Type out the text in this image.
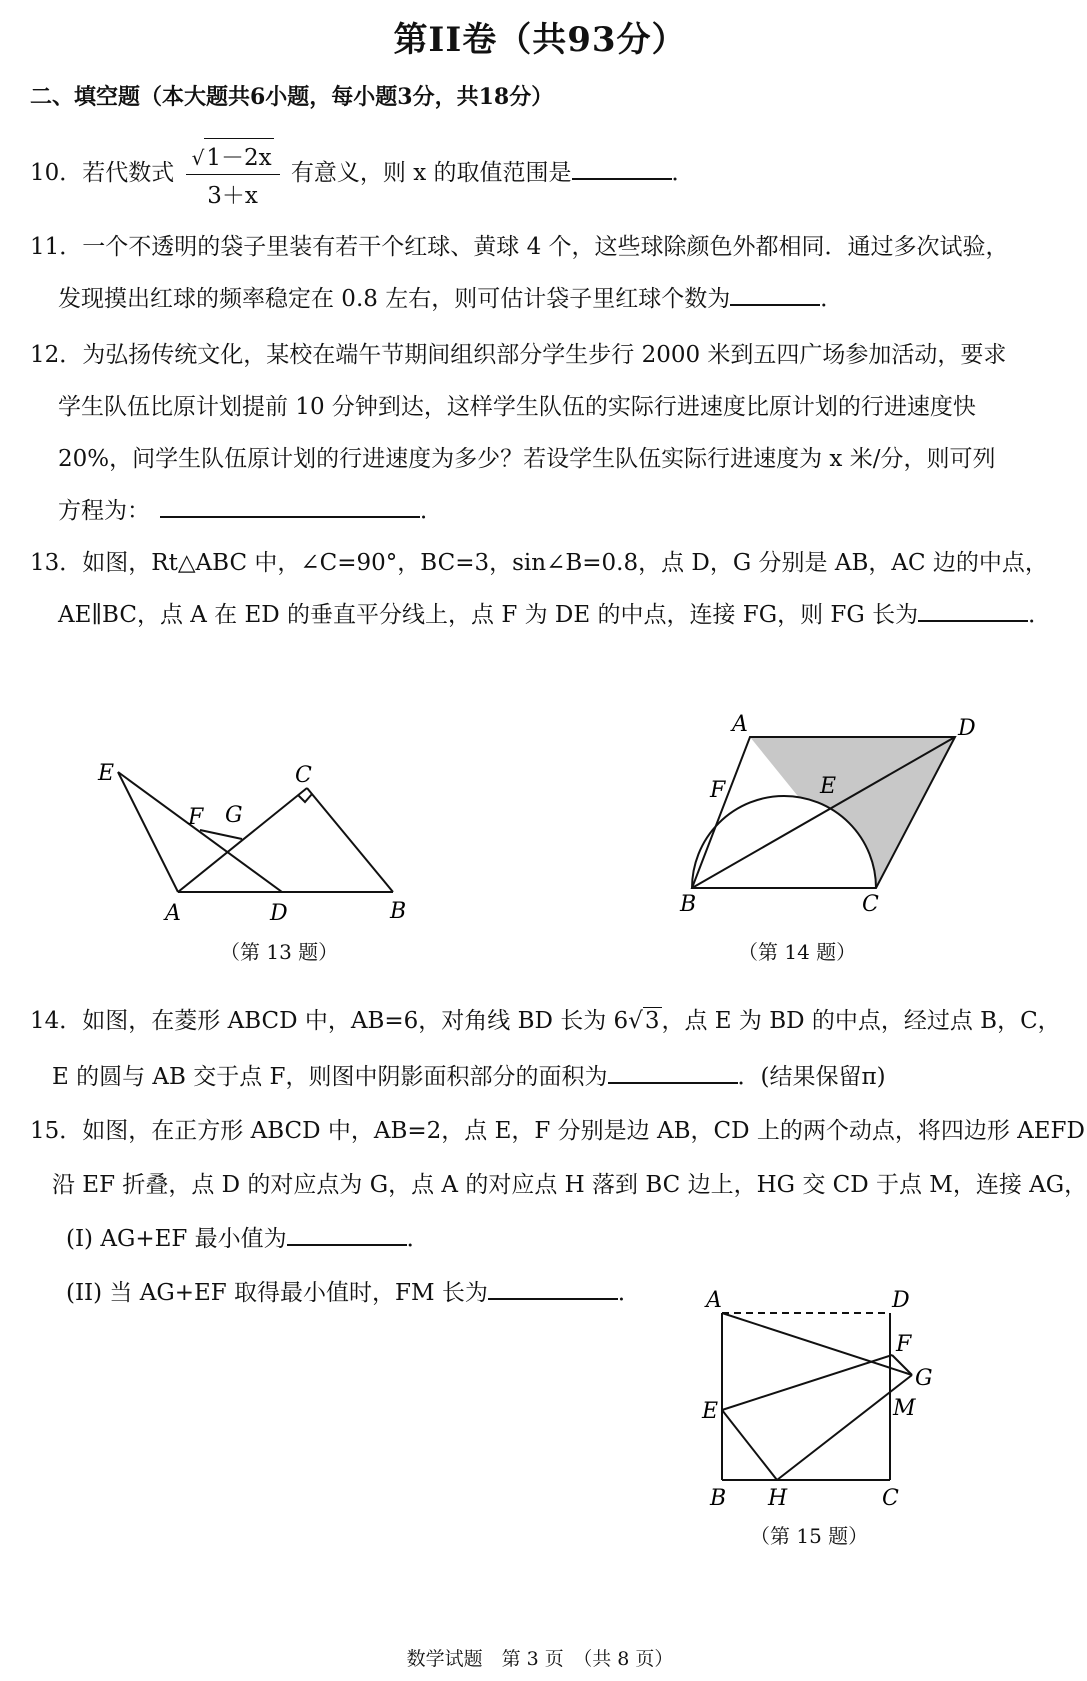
第II卷（共93分）
二、填空题（本大题共6小题，每小题3分，共18分）
10．若代数式 $\frac{√1-2x}{3+x}$ 有意义，则 x 的取值范围是	．
11．一个不透明的袋子里装有若干个红球、黄球 4 个，这些球除颜色外都相同．通过多次试验，
发现摸出红球的频率稳定在 0.8 左右，则可估计袋子里红球个数为	．
12．为弘扬传统文化，某校在端午节期间组织部分学生步行 2000 米到五四广场参加活动，要求
学生队伍比原计划提前 10 分钟到达，这样学生队伍的实际行进速度比原计划的行进速度快
20%，问学生队伍原计划的行进速度为多少？若设学生队伍实际行进速度为 x 米/分，则可列
方程为：	．
13．如图，Rt△ABC 中，∠C=90°，BC=3，sin∠B=0.8，点 D，G 分别是 AB，AC 边的中点，
AE∥BC，点 A 在 ED 的垂直平分线上，点 F 为 DE 的中点，连接 FG，则 FG 长为	．
E
F G
C
A	D	B
（第 13 题）
A	D
F	E
B	C
（第 14 题）
14．如图，在菱形 ABCD 中，AB=6，对角线 BD 长为 6√3，点 E 为 BD 的中点，经过点 B，C，
E 的圆与 AB 交于点 F，则图中阴影面积部分的面积为	．(结果保留π)
15．如图，在正方形 ABCD 中，AB=2，点 E，F 分别是边 AB，CD 上的两个动点，将四边形 AEFD
沿 EF 折叠，点 D 的对应点为 G，点 A 的对应点 H 落到 BC 边上，HG 交 CD 于点 M，连接 AG，
(I) AG+EF 最小值为	．
(II) 当 AG+EF 取得最小值时，FM 长为	．	A	D
F
G
E	M
B H	C
（第 15 题）
数学试题　第 3 页　（共 8 页）
